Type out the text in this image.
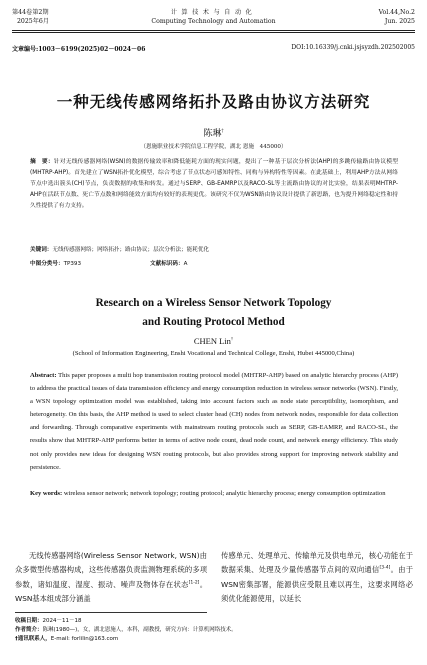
第44卷第2期
2025年6月
计算技术与自动化
Computing Technology and Automation
Vol.44,No.2
Jun. 2025
文章编号:1003－6199(2025)02－0024－06	DOI:10.16339/j.cnki.jsjsyzdh.202502005
一种无线传感网络拓扑及路由协议方法研究
陈琳†
（恩施职业技术学院信息工程学院，湖北 恩施　445000）
摘　要：针对无线传感器网络(WSN)的数据传输效率和降低能耗方面的现实问题，提出了一种基于层次分析法(AHP)的多跳传输路由协议模型(MHTRP-AHP)。首先建立了WSN拓扑优化模型，综合考虑了节点状态可感知特性、同构与异构特性等因素。在此基础上，利用AHP方法从网络节点中选出簇头(CH)节点，负责数据的收集和转发。通过与SERP、GB-EAMRP以及RACO-SL等主流路由协议的对比实验，结果表明MHTRP-AHP在活跃节点数、死亡节点数和网络能效方面均有较好的表现更优。该研究不仅为WSN路由协议设计提供了新思路，也为提升网络稳定性和持久性提供了有力支持。
关键词：无线传感器网络；网络拓扑；路由协议；层次分析法；能耗优化
中图分类号：TP393	文献标识码：A
Research on a Wireless Sensor Network Topology
and Routing Protocol Method
CHEN Lin†
(School of Information Engineering, Enshi Vocational and Technical College, Enshi, Hubei 445000,China)
Abstract: This paper proposes a multi hop transmission routing protocol model (MHTRP-AHP) based on analytic hierarchy process (AHP) to address the practical issues of data transmission efficiency and energy consumption reduction in wireless sensor networks (WSN). Firstly, a WSN topology optimization model was established, taking into account factors such as node state perceptibility, isomorphism, and heterogeneity. On this basis, the AHP method is used to select cluster head (CH) nodes from network nodes, responsible for data collection and forwarding. Through comparative experiments with mainstream routing protocols such as SERP, GB-EAMRP, and RACO-SL, the results show that MHTRP-AHP performs better in terms of active node count, dead node count, and network energy efficiency. This study not only provides new ideas for designing WSN routing protocols, but also provides strong support for improving network stability and persistence.
Key words: wireless sensor network; network topology; routing protocol; analytic hierarchy process; energy consumption optimization

无线传感器网络(Wireless Sensor Network, WSN)由众多微型传感器构成，这些传感器负责监测物理系统的多项参数，诸如温度、湿度、振动、噪声及物体存在状态[1-2]。WSN基本组成部分涵盖

传感单元、处理单元、传输单元及供电单元，核心功能在于数据采集、处理及少量传感器节点间的双向通信[3-4]。由于WSN密集部署，能源供应受限且难以再生，这要求网络必须优化能源使用，以延长

收稿日期：2024－11－18
作者简介：陈琳(1980—)，女，湖北恩施人，本科，副教授，研究方向：计算机网络技术。
†通讯联系人，E-mail: forlilin@163.com
